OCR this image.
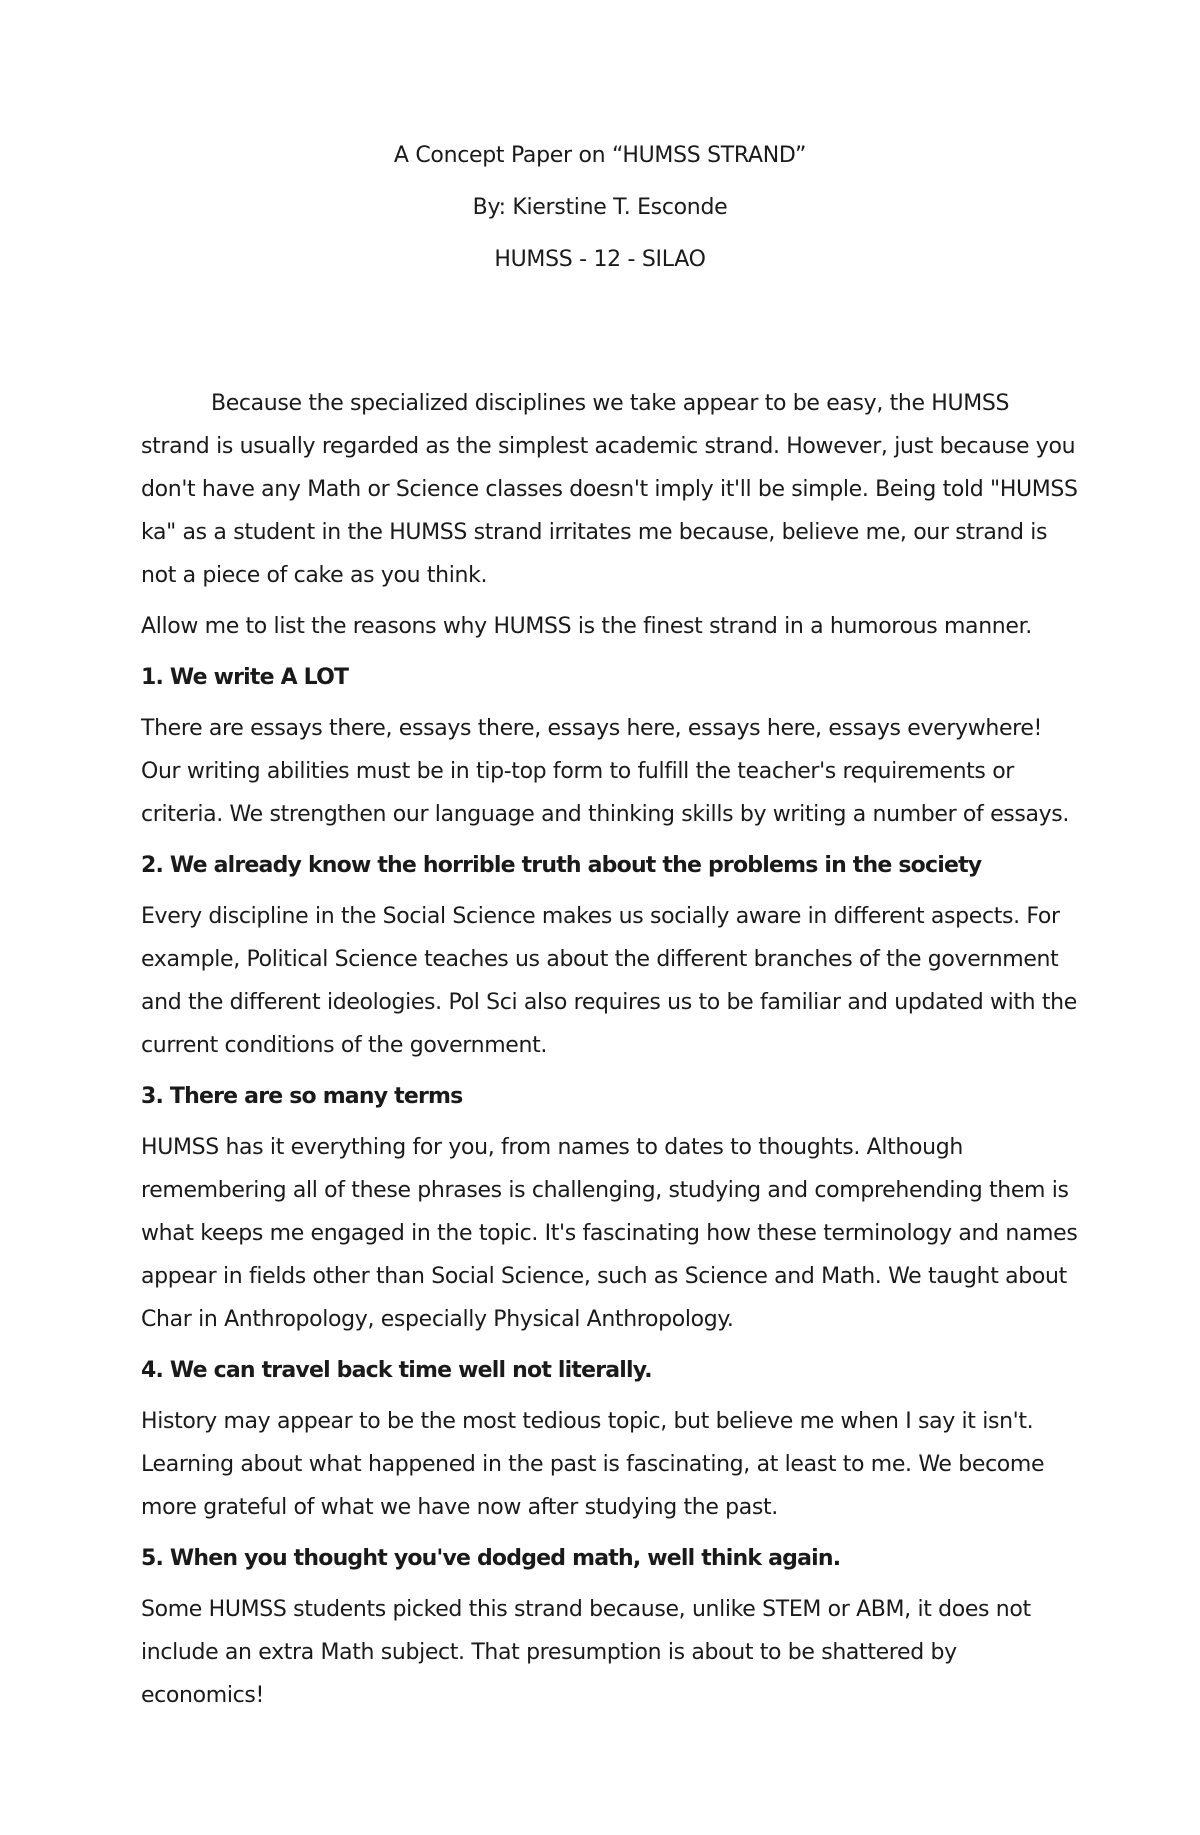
A Concept Paper on “HUMSS STRAND”
By: Kierstine T. Esconde
HUMSS - 12 - SILAO

Because the specialized disciplines we take appear to be easy, the HUMSS strand is usually regarded as the simplest academic strand. However, just because you don't have any Math or Science classes doesn't imply it'll be simple. Being told "HUMSS ka" as a student in the HUMSS strand irritates me because, believe me, our strand is not a piece of cake as you think.

Allow me to list the reasons why HUMSS is the finest strand in a humorous manner.

1. We write A LOT

There are essays there, essays there, essays here, essays here, essays everywhere! Our writing abilities must be in tip-top form to fulfill the teacher's requirements or criteria. We strengthen our language and thinking skills by writing a number of essays.

2. We already know the horrible truth about the problems in the society

Every discipline in the Social Science makes us socially aware in different aspects. For example, Political Science teaches us about the different branches of the government and the different ideologies. Pol Sci also requires us to be familiar and updated with the current conditions of the government.

3. There are so many terms

HUMSS has it everything for you, from names to dates to thoughts. Although remembering all of these phrases is challenging, studying and comprehending them is what keeps me engaged in the topic. It's fascinating how these terminology and names appear in fields other than Social Science, such as Science and Math. We taught about Char in Anthropology, especially Physical Anthropology.

4. We can travel back time well not literally.

History may appear to be the most tedious topic, but believe me when I say it isn't. Learning about what happened in the past is fascinating, at least to me. We become more grateful of what we have now after studying the past.

5. When you thought you've dodged math, well think again.

Some HUMSS students picked this strand because, unlike STEM or ABM, it does not include an extra Math subject. That presumption is about to be shattered by economics!
